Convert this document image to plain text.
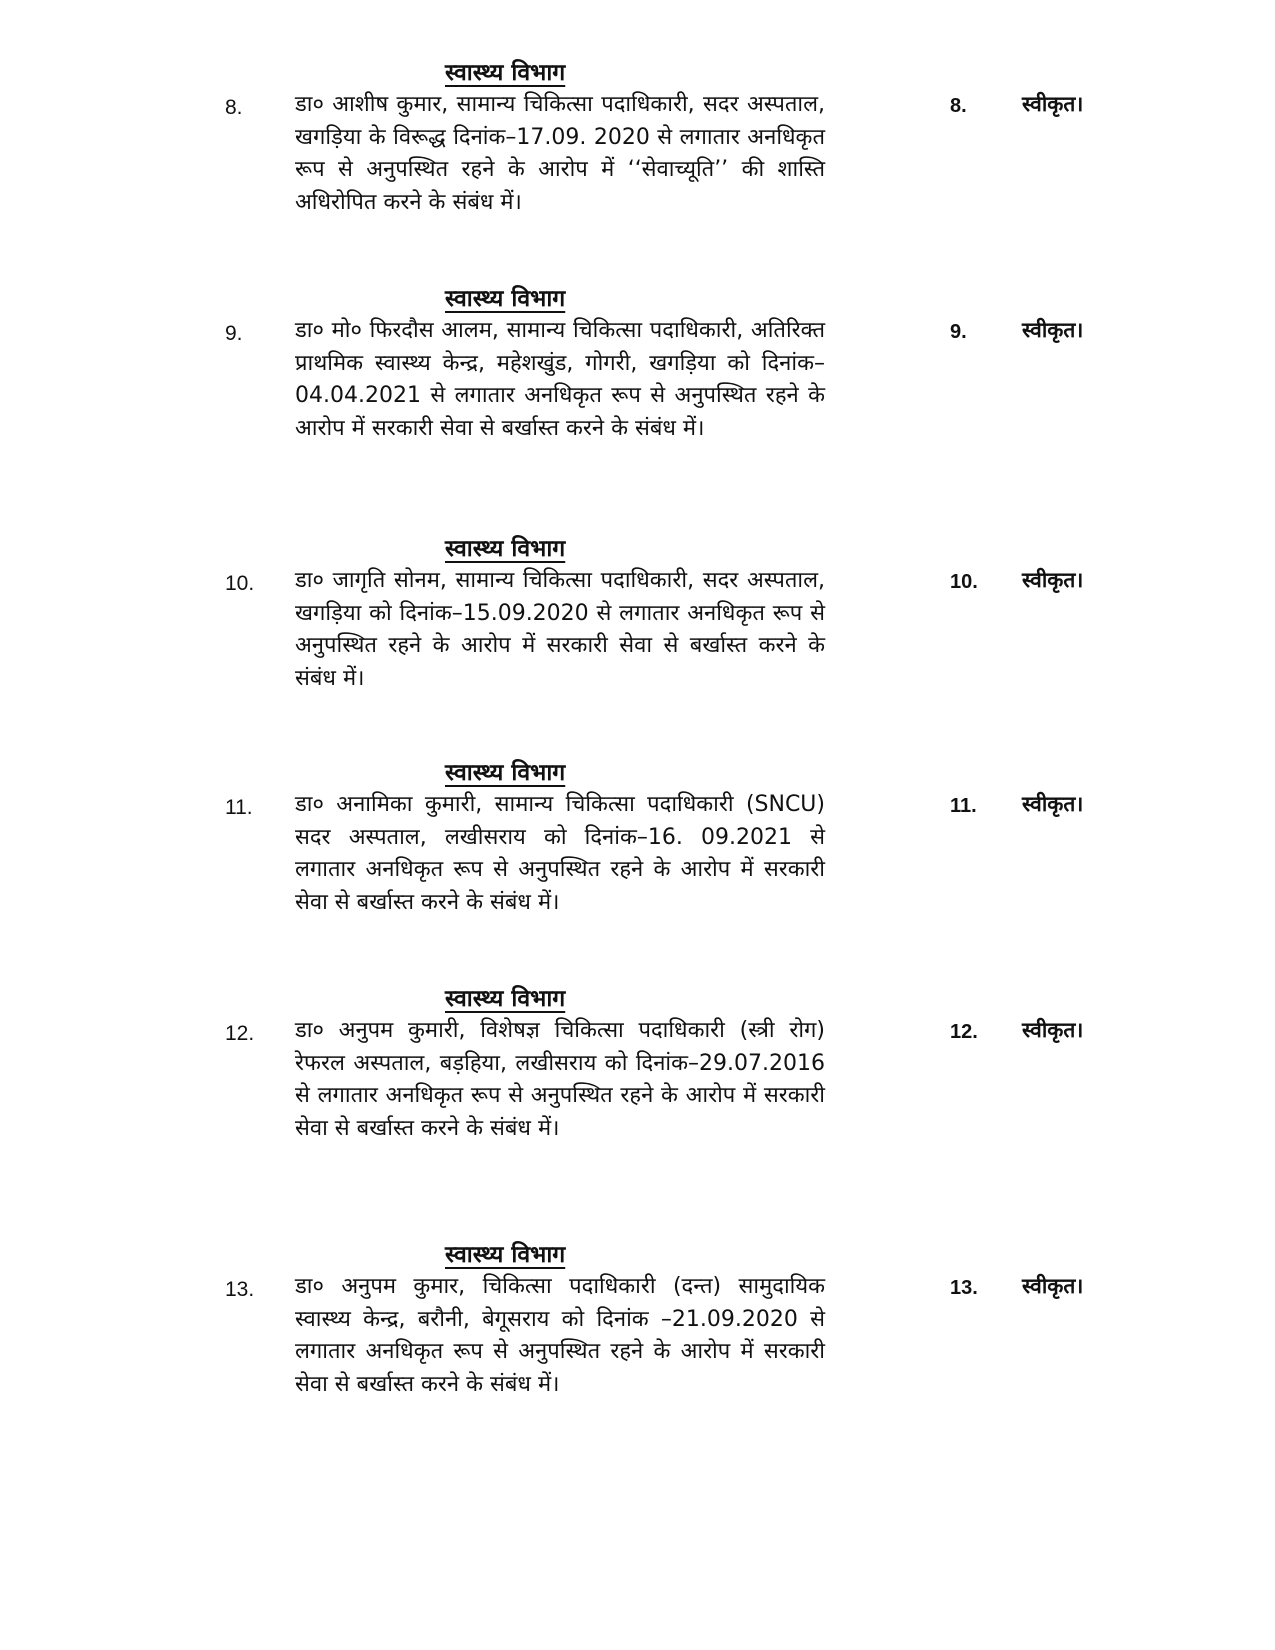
स्वास्थ्य विभाग
8. डा० आशीष कुमार, सामान्य चिकित्सा पदाधिकारी, सदर अस्पताल, खगड़िया के विरूद्ध दिनांक–17.09. 2020 से लगातार अनधिकृत रूप से अनुपस्थित रहने के आरोप में ‘‘सेवाच्यूति’’ की शास्ति अधिरोपित करने के संबंध में।
8.	स्वीकृत।
स्वास्थ्य विभाग
9. डा० मो० फिरदौस आलम, सामान्य चिकित्सा पदाधिकारी, अतिरिक्त प्राथमिक स्वास्थ्य केन्द्र, महेशखुंड, गोगरी, खगड़िया को दिनांक–04.04.2021 से लगातार अनधिकृत रूप से अनुपस्थित रहने के आरोप में सरकारी सेवा से बर्खास्त करने के संबंध में।
9.	स्वीकृत।
स्वास्थ्य विभाग
10. डा० जागृति सोनम, सामान्य चिकित्सा पदाधिकारी, सदर अस्पताल, खगड़िया को दिनांक–15.09.2020 से लगातार अनधिकृत रूप से अनुपस्थित रहने के आरोप में सरकारी सेवा से बर्खास्त करने के संबंध में।
10. स्वीकृत।
स्वास्थ्य विभाग
11. डा० अनामिका कुमारी, सामान्य चिकित्सा पदाधिकारी (SNCU) सदर अस्पताल, लखीसराय को दिनांक–16. 09.2021 से लगातार अनधिकृत रूप से अनुपस्थित रहने के आरोप में सरकारी सेवा से बर्खास्त करने के संबंध में।
11. स्वीकृत।
स्वास्थ्य विभाग
12. डा० अनुपम कुमारी, विशेषज्ञ चिकित्सा पदाधिकारी (स्त्री रोग) रेफरल अस्पताल, बड़हिया, लखीसराय को दिनांक–29.07.2016 से लगातार अनधिकृत रूप से अनुपस्थित रहने के आरोप में सरकारी सेवा से बर्खास्त करने के संबंध में।
12. स्वीकृत।
स्वास्थ्य विभाग
13. डा० अनुपम कुमार, चिकित्सा पदाधिकारी (दन्त) सामुदायिक स्वास्थ्य केन्द्र, बरौनी, बेगूसराय को दिनांक –21.09.2020 से लगातार अनधिकृत रूप से अनुपस्थित रहने के आरोप में सरकारी सेवा से बर्खास्त करने के संबंध में।
13. स्वीकृत।
